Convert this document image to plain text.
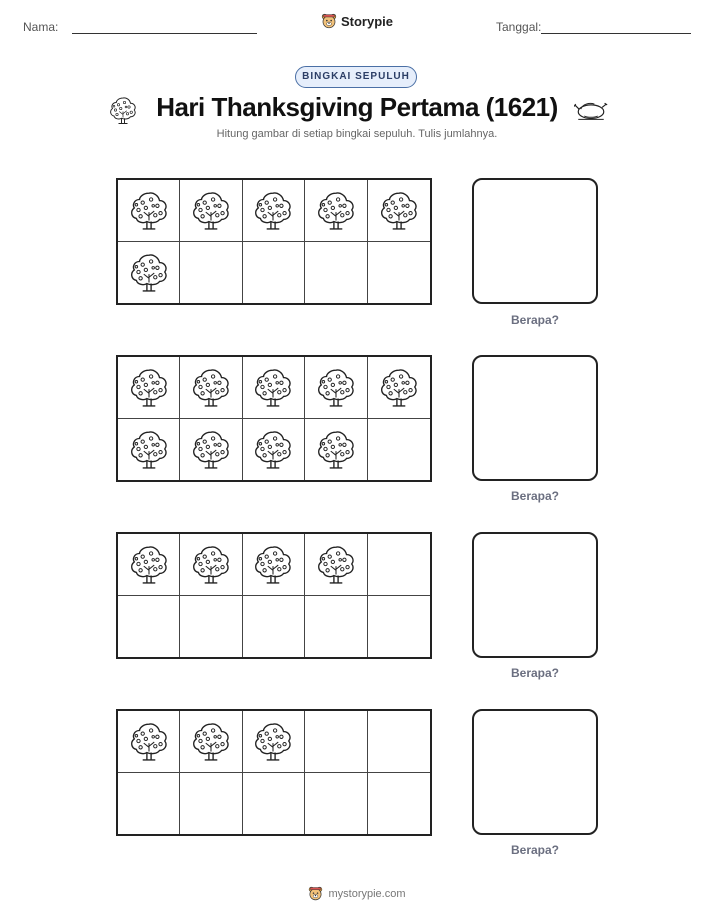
Nama:	Storypie	Tanggal:
BINGKAI SEPULUH
Hari Thanksgiving Pertama (1621)
Hitung gambar di setiap bingkai sepuluh. Tulis jumlahnya.
Berapa?
Berapa?
Berapa?
Berapa?
mystorypie.com
